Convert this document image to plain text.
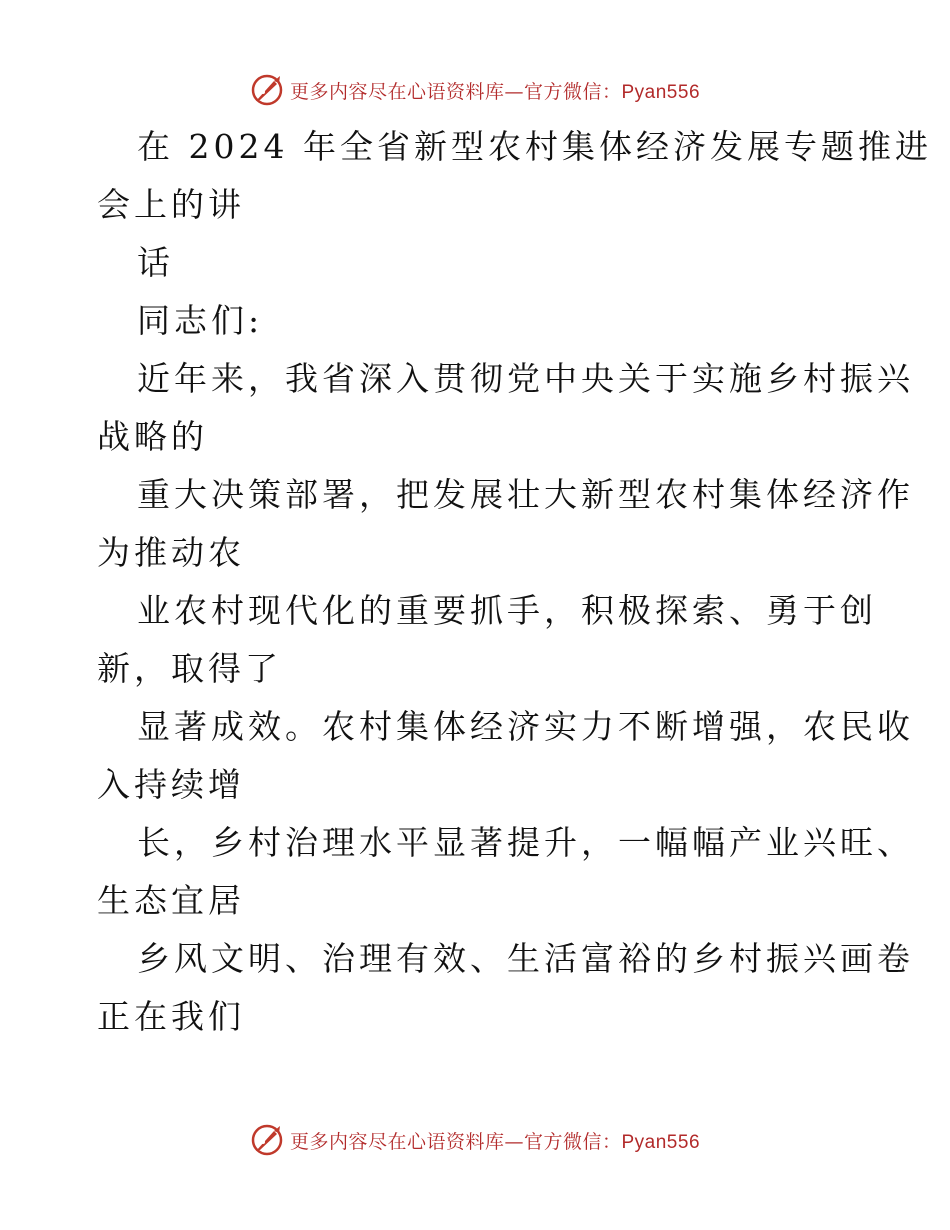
更多内容尽在心语资料库—官方微信：Pyan556
在 2024 年全省新型农村集体经济发展专题推进
会上的讲
话
同志们:
近年来，我省深入贯彻党中央关于实施乡村振兴
战略的
重大决策部署，把发展壮大新型农村集体经济作
为推动农
业农村现代化的重要抓手，积极探索、勇于创
新，取得了
显著成效。农村集体经济实力不断增强，农民收
入持续增
长，乡村治理水平显著提升，一幅幅产业兴旺、
生态宜居
乡风文明、治理有效、生活富裕的乡村振兴画卷
正在我们
更多内容尽在心语资料库—官方微信：Pyan556
